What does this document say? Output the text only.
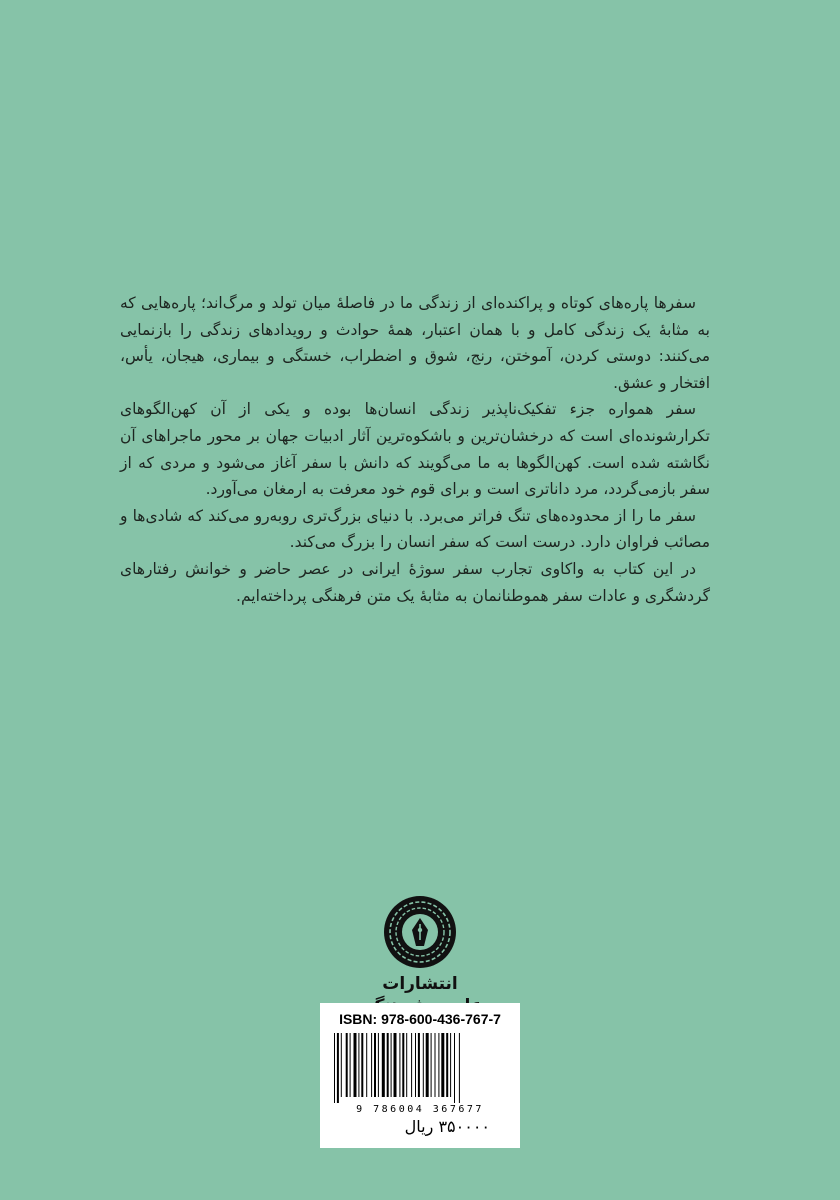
سفرها پاره‌های کوتاه و پراکنده‌ای از زندگی ما در فاصلهٔ میان تولد و مرگ‌اند؛ پاره‌هایی که به مثابهٔ یک زندگی کامل و با همان اعتبار، همهٔ حوادث و رویدادهای زندگی را بازنمایی می‌کنند: دوستی کردن، آموختن، رنج، شوق و اضطراب، خستگی و بیماری، هیجان، یأس، افتخار و عشق.

سفر همواره جزء تفکیک‌ناپذیر زندگی انسان‌ها بوده و یکی از آن کهن‌الگوهای تکرارشونده‌ای است که درخشان‌ترین و باشکوه‌ترین آثار ادبیات جهان بر محور ماجراهای آن نگاشته شده است. کهن‌الگوها به ما می‌گویند که دانش با سفر آغاز می‌شود و مردی که از سفر بازمی‌گردد، مرد داناتری است و برای قوم خود معرفت به ارمغان می‌آورد.

سفر ما را از محدوده‌های تنگ فراتر می‌برد. با دنیای بزرگ‌تری روبه‌رو می‌کند که شادی‌ها و مصائب فراوان دارد. درست است که سفر انسان را بزرگ می‌کند.

در این کتاب به واکاوی تجارب سفر سوژهٔ ایرانی در عصر حاضر و خوانش رفتارهای گردشگری و عادات سفر هموطنانمان به مثابهٔ یک متن فرهنگی پرداخته‌ایم.

انتشارات
ISBN: 978-600-436-767-7
9 786004 367677
۳۵۰۰۰۰ ریال
